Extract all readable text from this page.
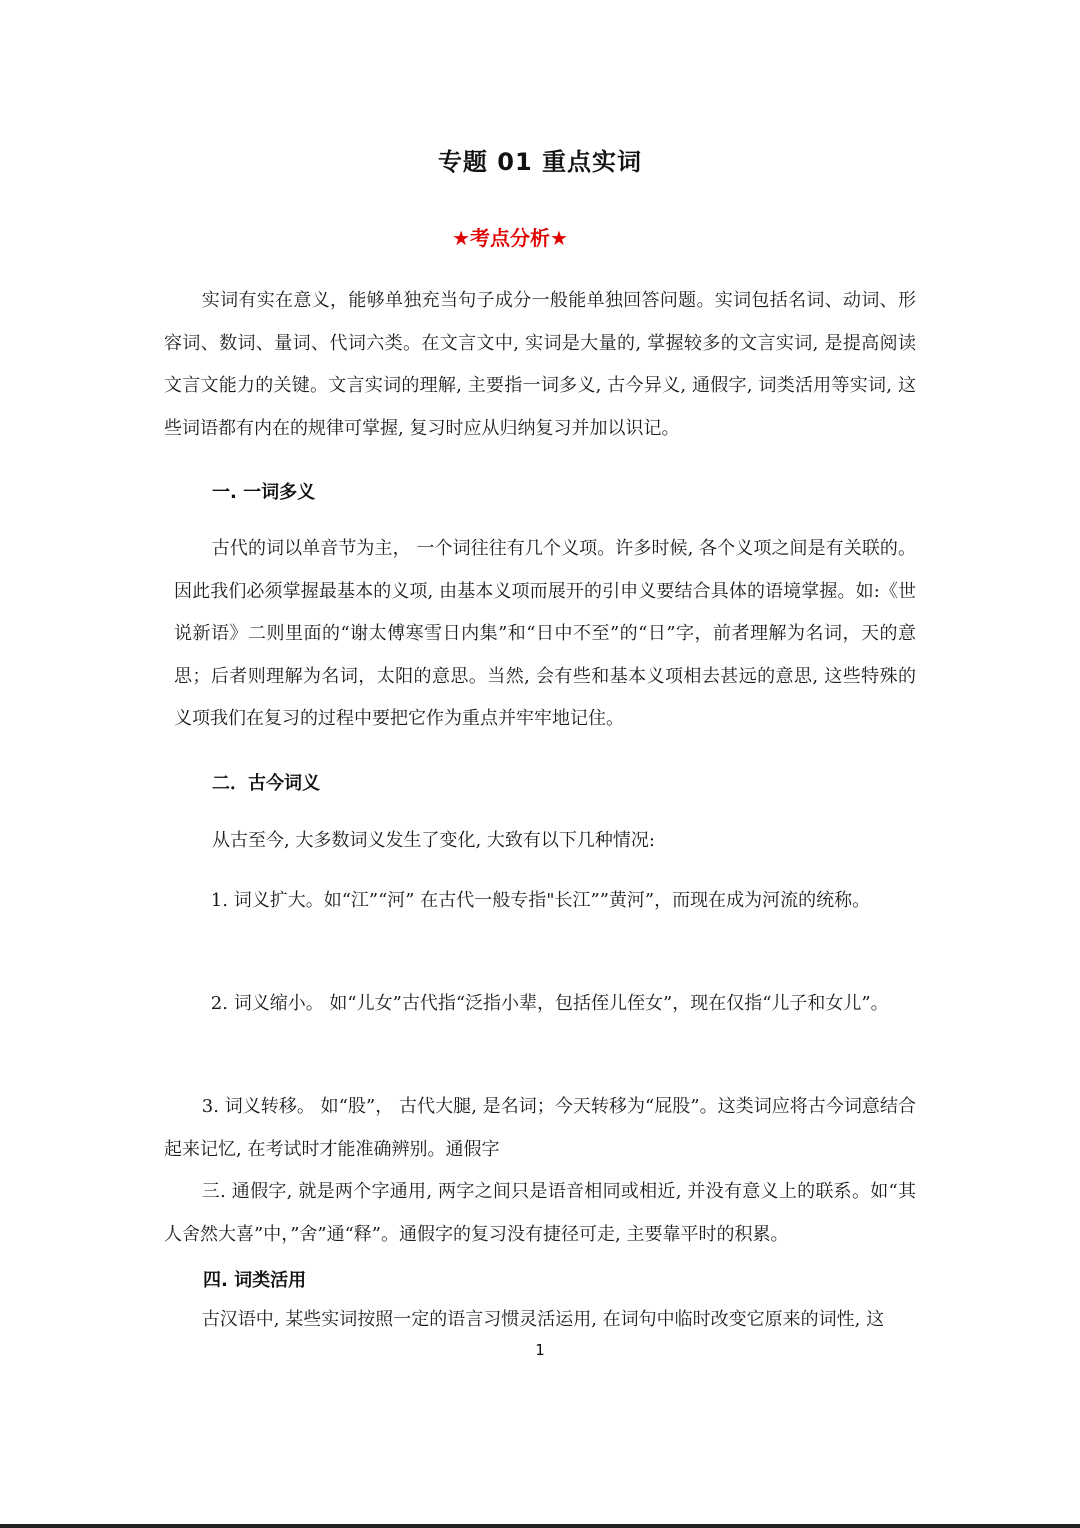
专题 01 重点实词
★考点分析★

实词有实在意义，能够单独充当句子成分一般能单独回答问题。实词包括名词、动词、形容词、数词、量词、代词六类。在文言文中, 实词是大量的, 掌握较多的文言实词, 是提高阅读文言文能力的关键。文言实词的理解, 主要指一词多义, 古今异义, 通假字, 词类活用等实词, 这些词语都有内在的规律可掌握, 复习时应从归纳复习并加以识记。

一. 一词多义

古代的词以单音节为主， 一个词往往有几个义项。许多时候, 各个义项之间是有关联的。因此我们必须掌握最基本的义项, 由基本义项而展开的引申义要结合具体的语境掌握。如:《世说新语》二则里面的“谢太傅寒雪日内集”和“日中不至”的“日”字，前者理解为名词，天的意思；后者则理解为名词，太阳的意思。当然, 会有些和基本义项相去甚远的意思, 这些特殊的义项我们在复习的过程中要把它作为重点并牢牢地记住。

二．古今词义

从古至今, 大多数词义发生了变化, 大致有以下几种情况:

1. 词义扩大。如“江”“河” 在古代一般专指"长江””黄河”，而现在成为河流的统称。

2. 词义缩小。 如“儿女”古代指“泛指小辈，包括侄儿侄女”，现在仅指“儿子和女儿”。

3. 词义转移。 如“股”， 古代大腿, 是名词；今天转移为“屁股”。这类词应将古今词意结合起来记忆, 在考试时才能准确辨别。通假字

三. 通假字, 就是两个字通用, 两字之间只是语音相同或相近, 并没有意义上的联系。如“其人舍然大喜”中，”舍”通“释”。通假字的复习没有捷径可走, 主要靠平时的积累。

四. 词类活用

古汉语中, 某些实词按照一定的语言习惯灵活运用, 在词句中临时改变它原来的词性, 这

1
